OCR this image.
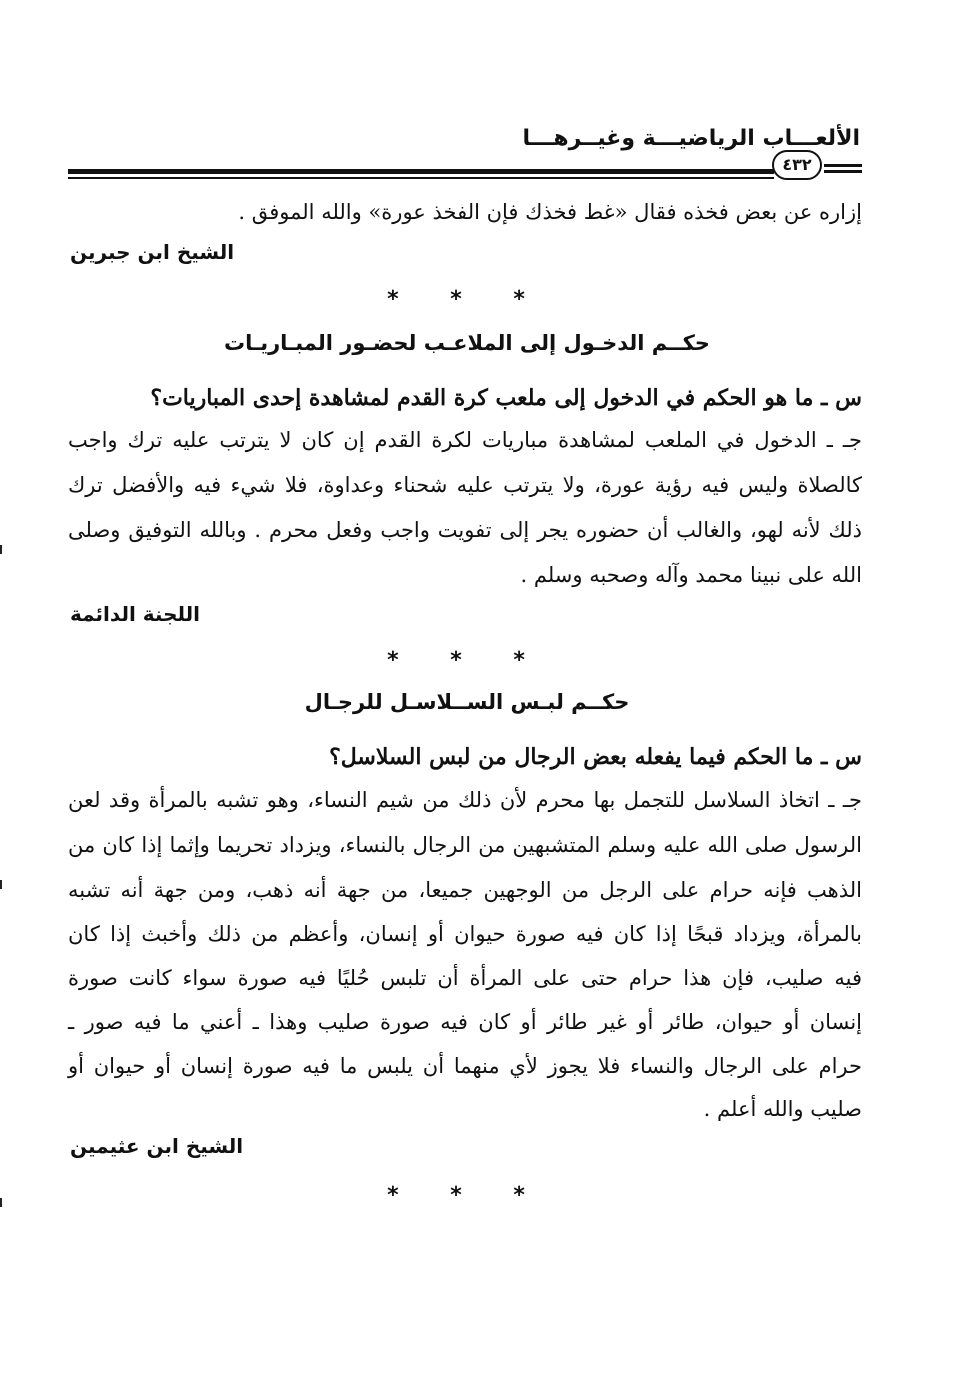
الألعـــاب الرياضيـــة وغيــرهـــا
٤٣٢
إزاره عن بعض فخذه فقال «غط فخذك فإن الفخذ عورة» والله الموفق .
الشيخ ابن جبرين
* * *
حكــم الدخـول إلى الملاعـب لحضـور المبـاريـات
س ـ ما هو الحكم في الدخول إلى ملعب كرة القدم لمشاهدة إحدى المباريات؟
جـ ـ الدخول في الملعب لمشاهدة مباريات لكرة القدم إن كان لا يترتب عليه ترك واجب
كالصلاة وليس فيه رؤية عورة، ولا يترتب عليه شحناء وعداوة، فلا شيء فيه والأفضل ترك
ذلك لأنه لهو، والغالب أن حضوره يجر إلى تفويت واجب وفعل محرم . وبالله التوفيق وصلى
الله على نبينا محمد وآله وصحبه وسلم .
اللجنة الدائمة
* * *
حكــم لبـس الســلاسـل للرجـال
س ـ ما الحكم فيما يفعله بعض الرجال من لبس السلاسل؟
جـ ـ اتخاذ السلاسل للتجمل بها محرم لأن ذلك من شيم النساء، وهو تشبه بالمرأة وقد لعن
الرسول صلى الله عليه وسلم المتشبهين من الرجال بالنساء، ويزداد تحريما وإثما إذا كان من
الذهب فإنه حرام على الرجل من الوجهين جميعا، من جهة أنه ذهب، ومن جهة أنه تشبه
بالمرأة، ويزداد قبحًا إذا كان فيه صورة حيوان أو إنسان، وأعظم من ذلك وأخبث إذا كان
فيه صليب، فإن هذا حرام حتى على المرأة أن تلبس حُليًا فيه صورة سواء كانت صورة
إنسان أو حيوان، طائر أو غير طائر أو كان فيه صورة صليب وهذا ـ أعني ما فيه صور ـ
حرام على الرجال والنساء فلا يجوز لأي منهما أن يلبس ما فيه صورة إنسان أو حيوان أو
صليب والله أعلم .
الشيخ ابن عثيمين
* * *
